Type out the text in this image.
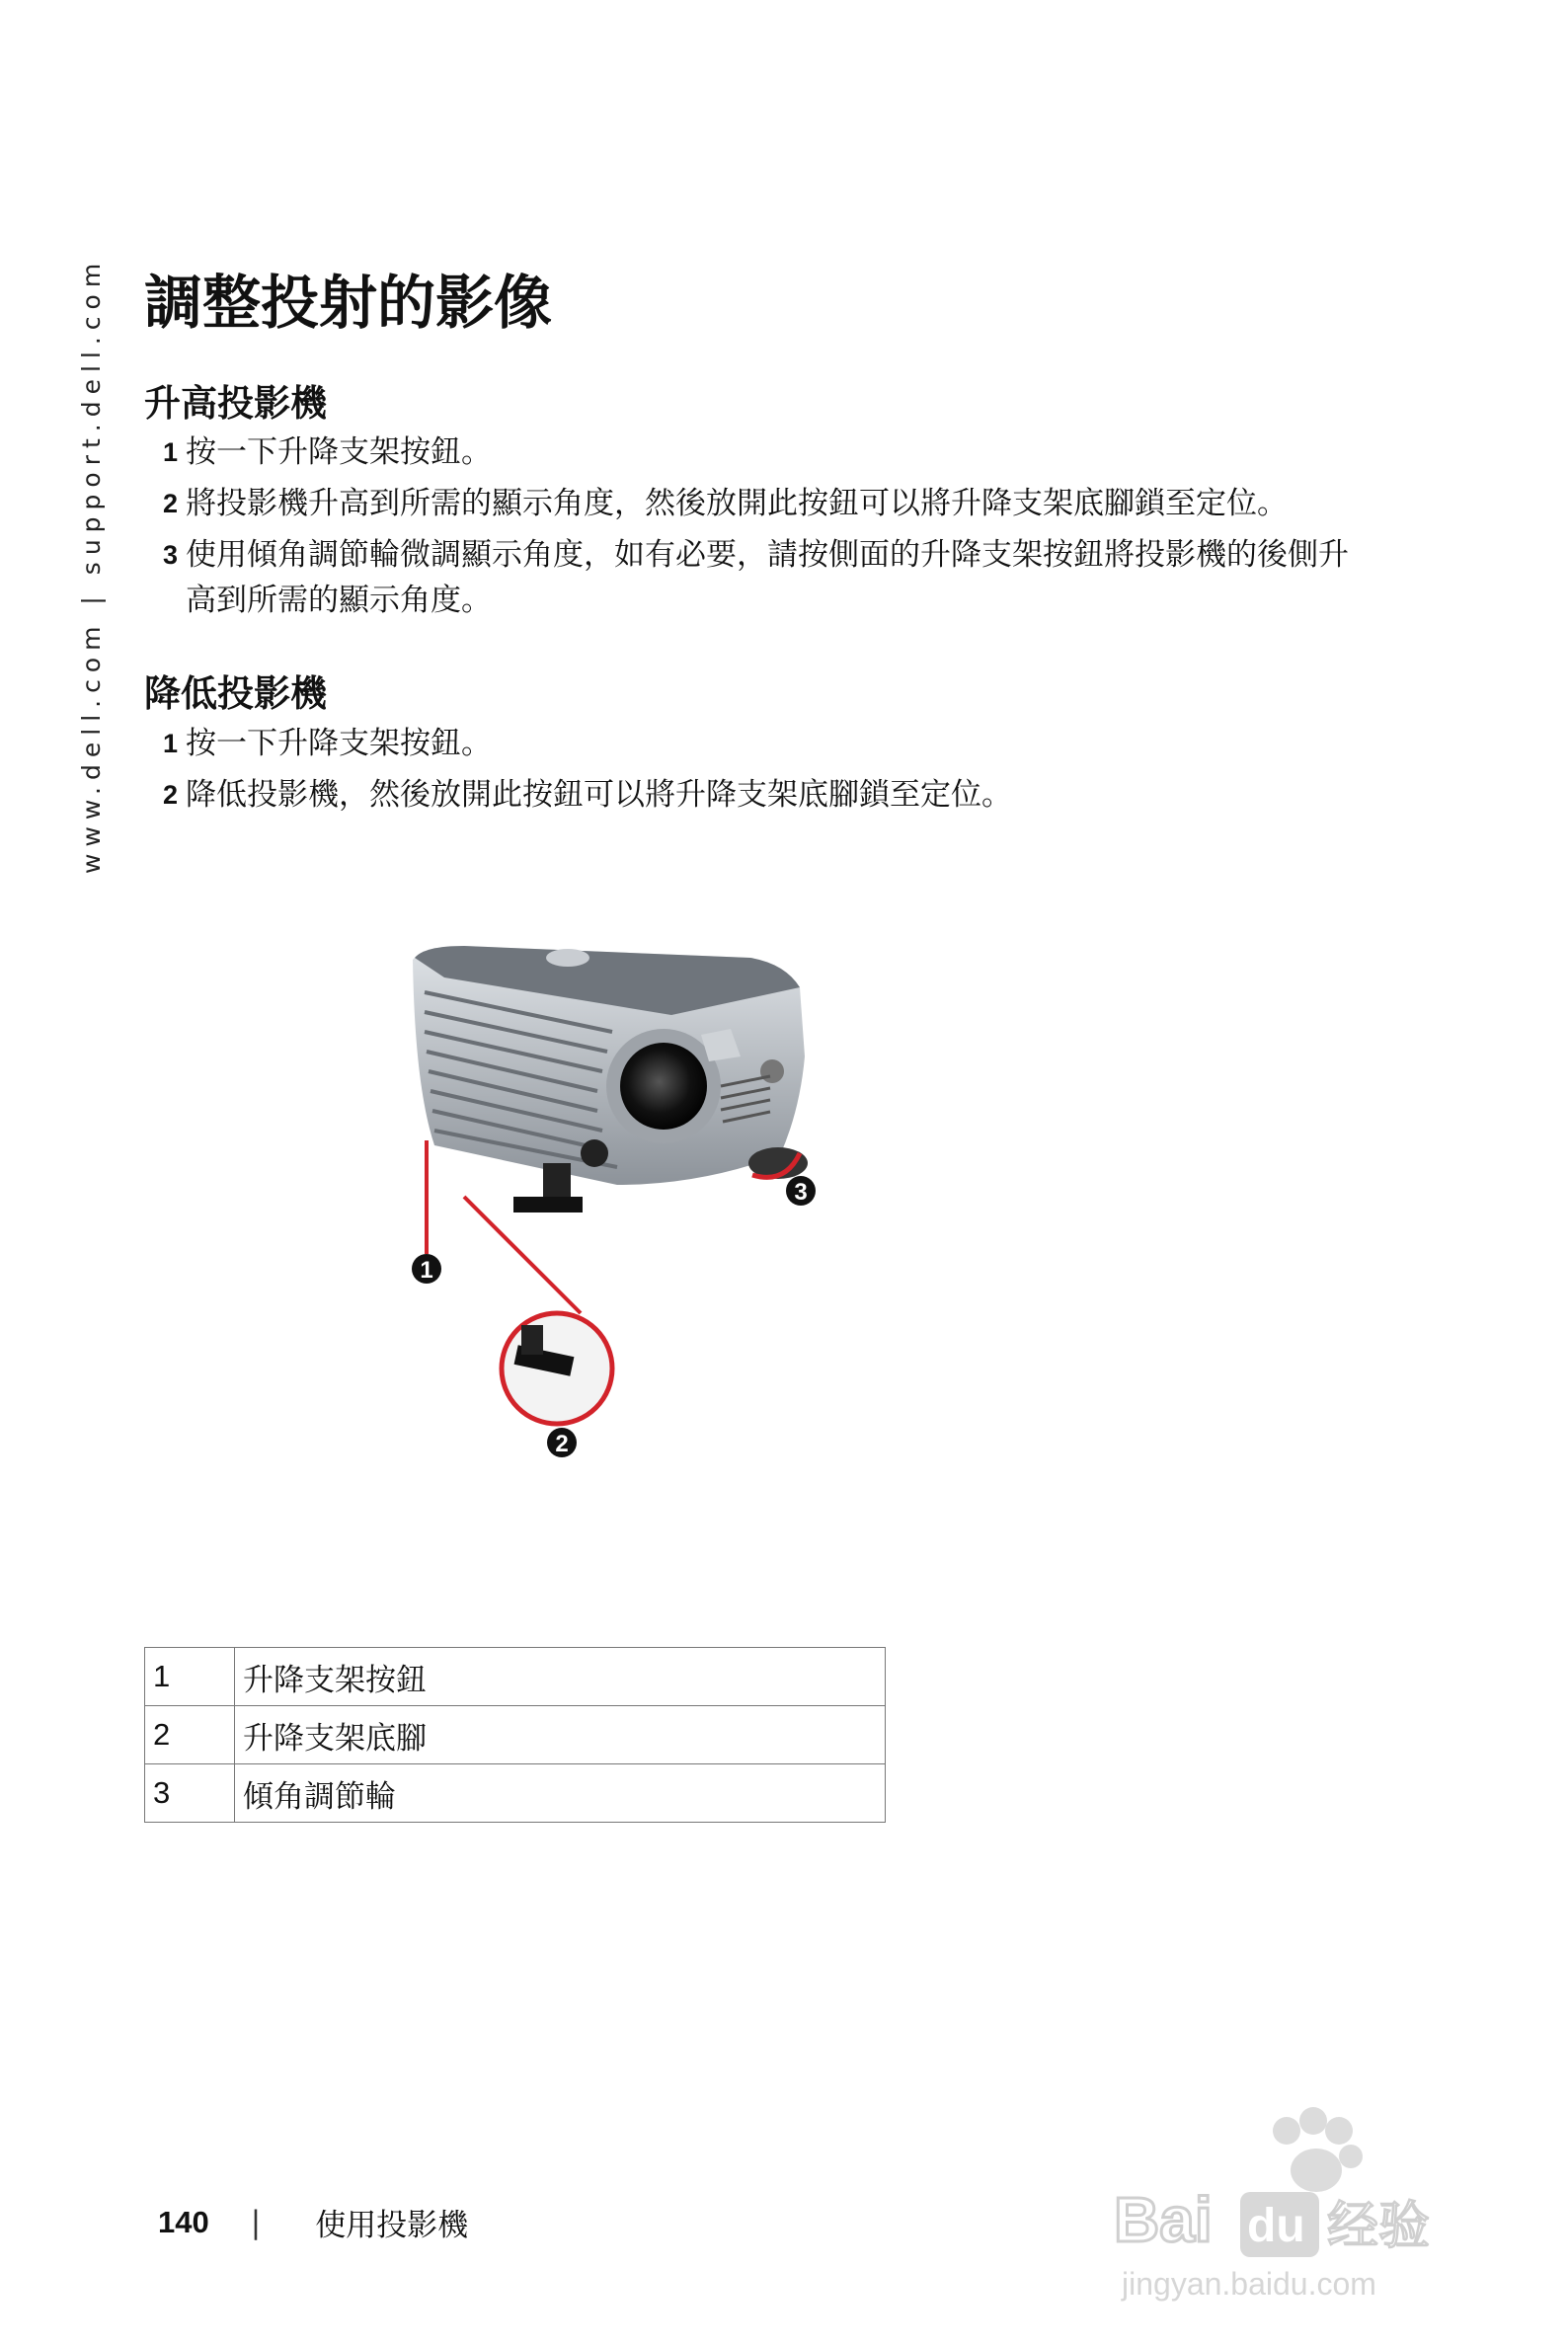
www.dell.com | support.dell.com 調整投射的影像
升高投影機
1 按一下升降支架按鈕。
2 將投影機升高到所需的顯示角度，然後放開此按鈕可以將升降支架底腳鎖至定位。
3 使用傾角調節輪微調顯示角度，如有必要，請按側面的升降支架按鈕將投影機的後側升高到所需的顯示角度。
降低投影機
1 按一下升降支架按鈕。
2 降低投影機，然後放開此按鈕可以將升降支架底腳鎖至定位。
1
2
3
1	升降支架按鈕
2	升降支架底腳
3	傾角調節輪
140 | 使用投影機	Bai du 经验
jingyan.baidu.com
